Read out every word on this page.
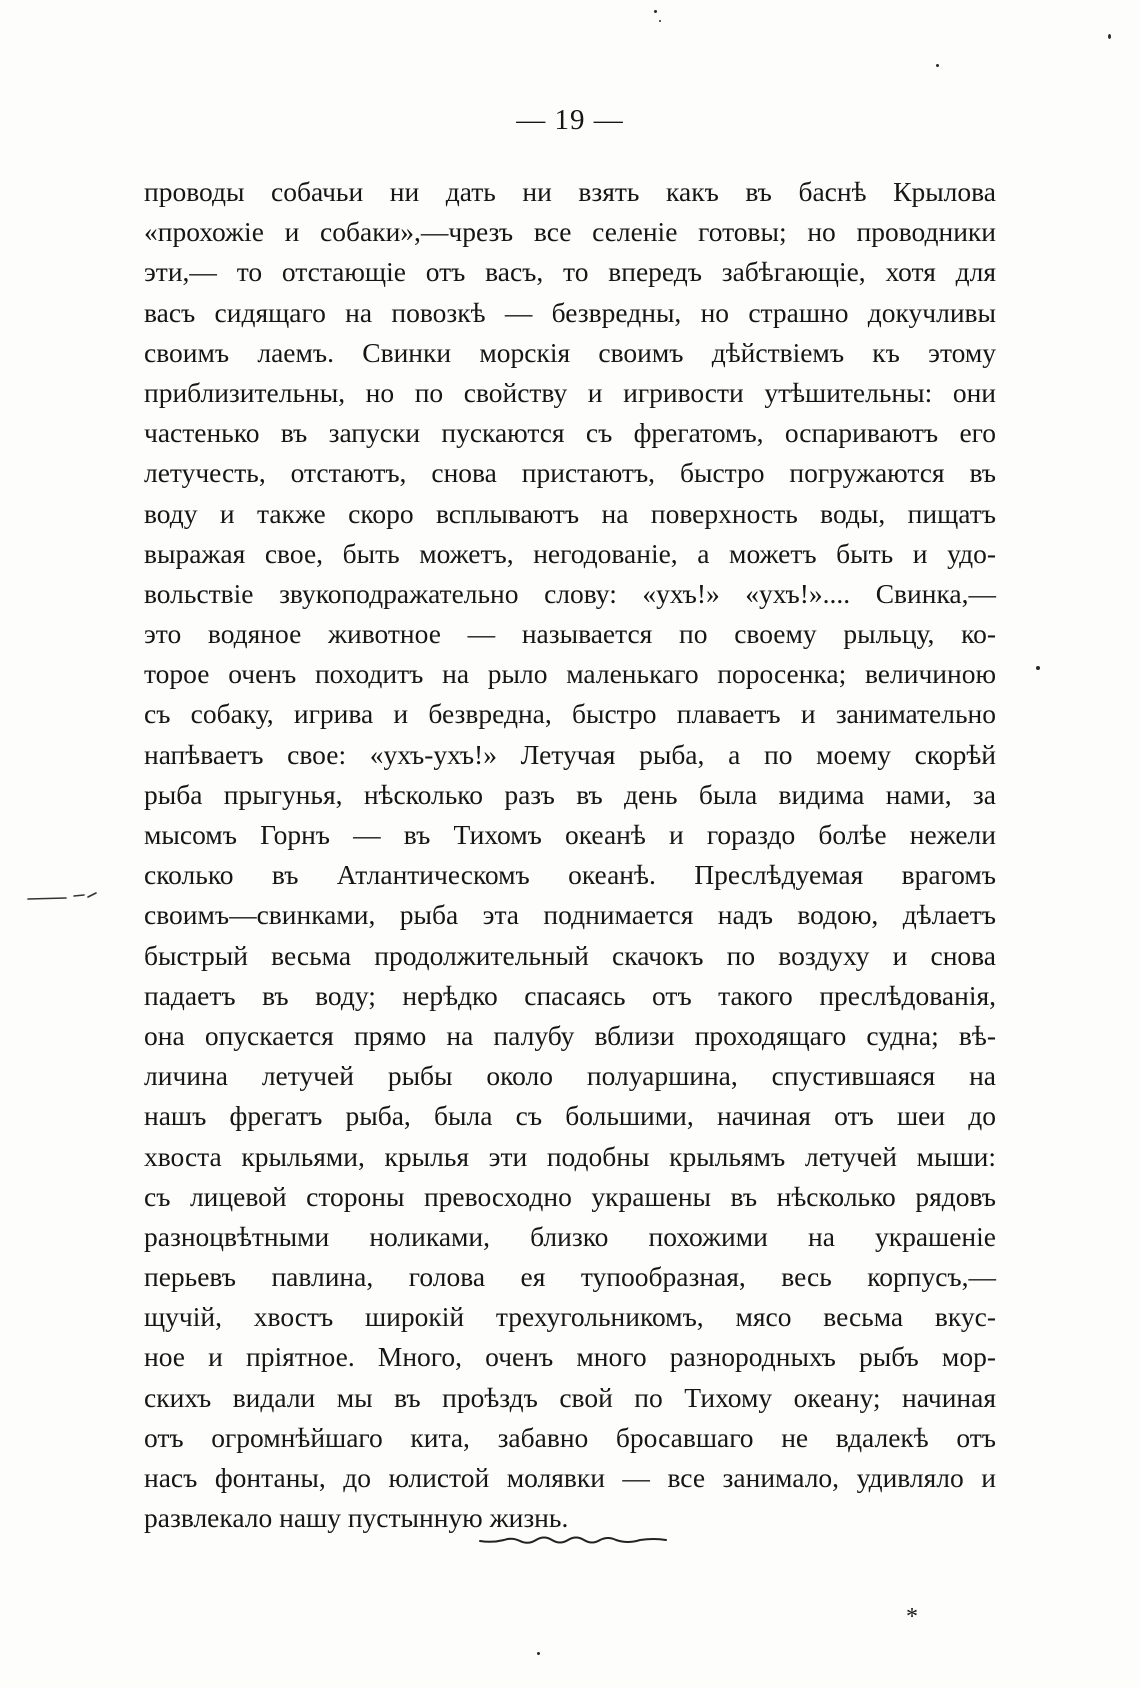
— 19 —
проводы собачьи ни дать ни взять какъ въ баснѣ Крылова
«прохожіе и собаки»,—чрезъ все селеніе готовы; но проводники
эти,— то отстающіе отъ васъ, то впередъ забѣгающіе, хотя для
васъ сидящаго на повозкѣ — безвредны, но страшно докучливы
своимъ лаемъ. Свинки морскія своимъ дѣйствіемъ къ этому
приблизительны, но по свойству и игривости утѣшительны: они
частенько въ запуски пускаются съ фрегатомъ, оспариваютъ его
летучесть, отстаютъ, снова пристаютъ, быстро погружаются въ
воду и также скоро всплываютъ на поверхность воды, пищатъ
выражая свое, быть можетъ, негодованіе, а можетъ быть и удо-
вольствіе звукоподражательно слову: «ухъ!» «ухъ!».... Свинка,—
это водяное животное — называется по своему рыльцу, ко-
торое оченъ походитъ на рыло маленькаго поросенка; величиною
съ собаку, игрива и безвредна, быстро плаваетъ и занимательно
напѣваетъ свое: «ухъ-ухъ!» Летучая рыба, а по моему скорѣй
рыба прыгунья, нѣсколько разъ въ день была видима нами, за
мысомъ Горнъ — въ Тихомъ океанѣ и гораздо болѣе нежели
сколько въ Атлантическомъ океанѣ. Преслѣдуемая врагомъ
своимъ—свинками, рыба эта поднимается надъ водою, дѣлаетъ
быстрый весьма продолжительный скачокъ по воздуху и снова
падаетъ въ воду; нерѣдко спасаясь отъ такого преслѣдованія,
она опускается прямо на палубу вблизи проходящаго судна; вѣ-
личина летучей рыбы около полуаршина, спустившаяся на
нашъ фрегатъ рыба, была съ большими, начиная отъ шеи до
хвоста крыльями, крылья эти подобны крыльямъ летучей мыши:
съ лицевой стороны превосходно украшены въ нѣсколько рядовъ
разноцвѣтными ноликами, близко похожими на украшеніе
перьевъ павлина, голова ея тупообразная, весь корпусъ,—
щучій, хвостъ широкій трехугольникомъ, мясо весьма вкус-
ное и пріятное. Много, оченъ много разнородныхъ рыбъ мор-
скихъ видали мы въ проѣздъ свой по Тихому океану; начиная
отъ огромнѣйшаго кита, забавно бросавшаго не вдалекѣ отъ
насъ фонтаны, до юлистой молявки — все занимало, удивляло и
развлекало нашу пустынную жизнь.
*
